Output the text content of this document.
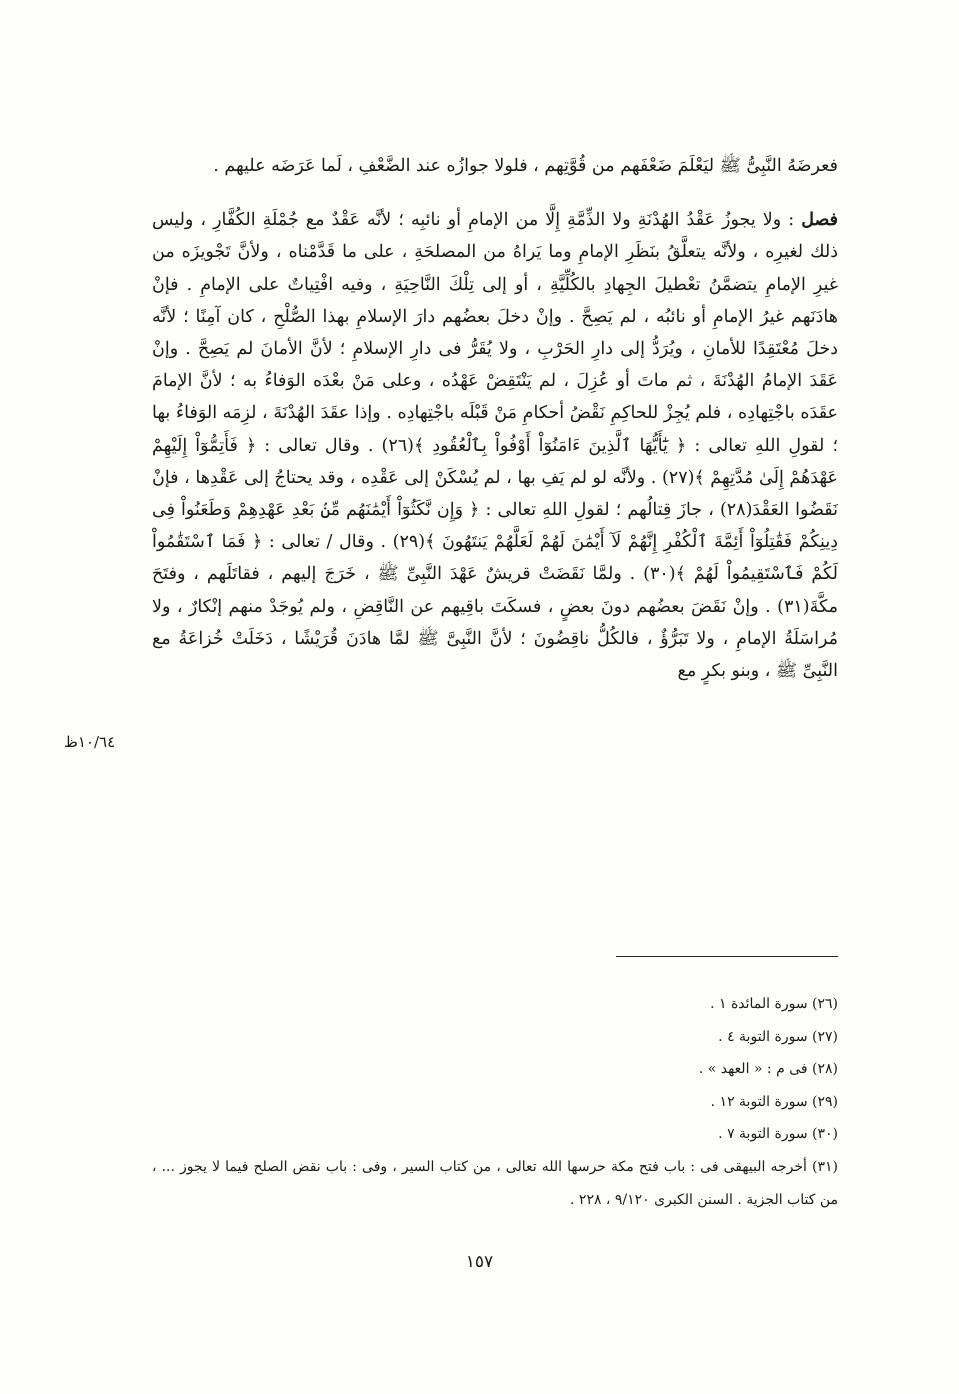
فعرضَهُ النَّبِىُّ ﷺ ليَعْلَمَ ضَعْفَهم من قُوَّتِهم ، فلولا جوازُه عند الضَّعْفِ ، لَما عَرَضَه عليهم .

فصل : ولا يجوزُ عَقْدُ الهُدْنَةِ ولا الذِّمَّةِ إِلَّا من الإمامِ أو نائبِه ؛ لأنَّه عَقْدٌ مع جُمْلَةِ الكُفَّارِ ، وليس ذلك لغيرِه ، ولأنَّه يتعلَّقُ بنَظَرِ الإمامِ وما يَراهُ من المصلحَةِ ، على ما قَدَّمْناه ، ولأنَّ تَجْويزَه من غيرِ الإمامِ يتضمَّنُ تعْطيلَ الجِهادِ بالكُلِّيَّةِ ، أو إلى تِلْكَ النَّاحِيَةِ ، وفيه افْتِياتٌ على الإمامِ . فإنْ هادَنَهم غيرُ الإمامِ أو نائبُه ، لم يَصِحَّ . وإنْ دخلَ بعضُهم دارَ الإسلامِ بهذا الصُّلْحِ ، كان آمِنًا ؛ لأنَّه دخلَ مُعْتَقِدًا للأمانِ ، ويُرَدُّ إلى دارِ الحَرْبِ ، ولا يُقَرُّ فى دارِ الإسلامِ ؛ لأنَّ الأمانَ لم يَصِحَّ . وإنْ عَقَدَ الإمامُ الهُدْنَةَ ، ثم ماتَ أو عُزِلَ ، لم يَنْتَقِضْ عَهْدُه ، وعلى مَنْ بعْدَه الوَفاءُ به ؛ لأنَّ الإمامَ عقَدَه باجْتِهادِه ، فلم يُجِزْ للحاكِمِ نَقْضُ أحكامِ مَنْ قَبْلَه باجْتِهادِه . وإذا عقَدَ الهُدْنَةَ ، لزِمَه الوَفاءُ بها ؛ لقولِ اللهِ تعالى : ﴿ يَٰٓأَيُّهَا ٱلَّذِينَ ءَامَنُوٓاْ أَوْفُواْ بِٱلْعُقُودِ ﴾(٢٦) . وقال تعالى : ﴿ فَأَتِمُّوٓاْ إِلَيْهِمْ عَهْدَهُمْ إِلَىٰ مُدَّتِهِمْ ﴾(٢٧) . ولأنَّه لو لم يَفِ بها ، لم يُسْكَنْ إلى عَقْدِه ، وقد يحتاجُ إلى عَقْدِها ، فإنْ نَقَضُوا العَقْدَ(٢٨) ، جازَ قِتالُهم ؛ لقولِ اللهِ تعالى : ﴿ وَإِن نَّكَثُوٓاْ أَيْمَٰنَهُم مِّنۢ بَعْدِ عَهْدِهِمْ وَطَعَنُواْ فِى دِينِكُمْ فَقَٰتِلُوٓاْ أَئِمَّةَ ٱلْكُفْرِ إِنَّهُمْ لَآ أَيْمَٰنَ لَهُمْ لَعَلَّهُمْ يَنتَهُونَ ﴾(٢٩) . وقال / تعالى : ﴿ فَمَا ٱسْتَقَٰمُواْ لَكُمْ فَٱسْتَقِيمُواْ لَهُمْ ﴾(٣٠) . ولمَّا نَقَضَتْ قريشٌ عَهْدَ النَّبِىِّ ﷺ ، خَرَجَ إليهم ، فقاتَلَهم ، وفتَحَ مكَّةَ(٣١) . وإنْ نَقَضَ بعضُهم دونَ بعضٍ ، فسكَتَ باقِيهم عن النَّاقِضِ ، ولم يُوجَدْ منهم إنْكارٌ ، ولا مُراسَلَةُ الإمامِ ، ولا تَبَرُّؤٌ ، فالكُلُّ ناقِضُونَ ؛ لأنَّ النَّبِىَّ ﷺ لمَّا هادَنَ قُرَيْشًا ، دَخَلَتْ خُزاعَةُ مع النَّبِىِّ ﷺ ، وبنو بكرٍ مع

١٠/٦٤ظ

(٢٦) سورة المائدة ١ .

(٢٧) سورة التوبة ٤ .

(٢٨) فى م : « العهد » .

(٢٩) سورة التوبة ١٢ .

(٣٠) سورة التوبة ٧ .

(٣١) أخرجه البيهقى فى : باب فتح مكة حرسها الله تعالى ، من كتاب السير ، وفى : باب نقض الصلح فيما لا يجوز ... ، من كتاب الجزية . السنن الكبرى ٩/١٢٠ ، ٢٢٨ .

١٥٧
